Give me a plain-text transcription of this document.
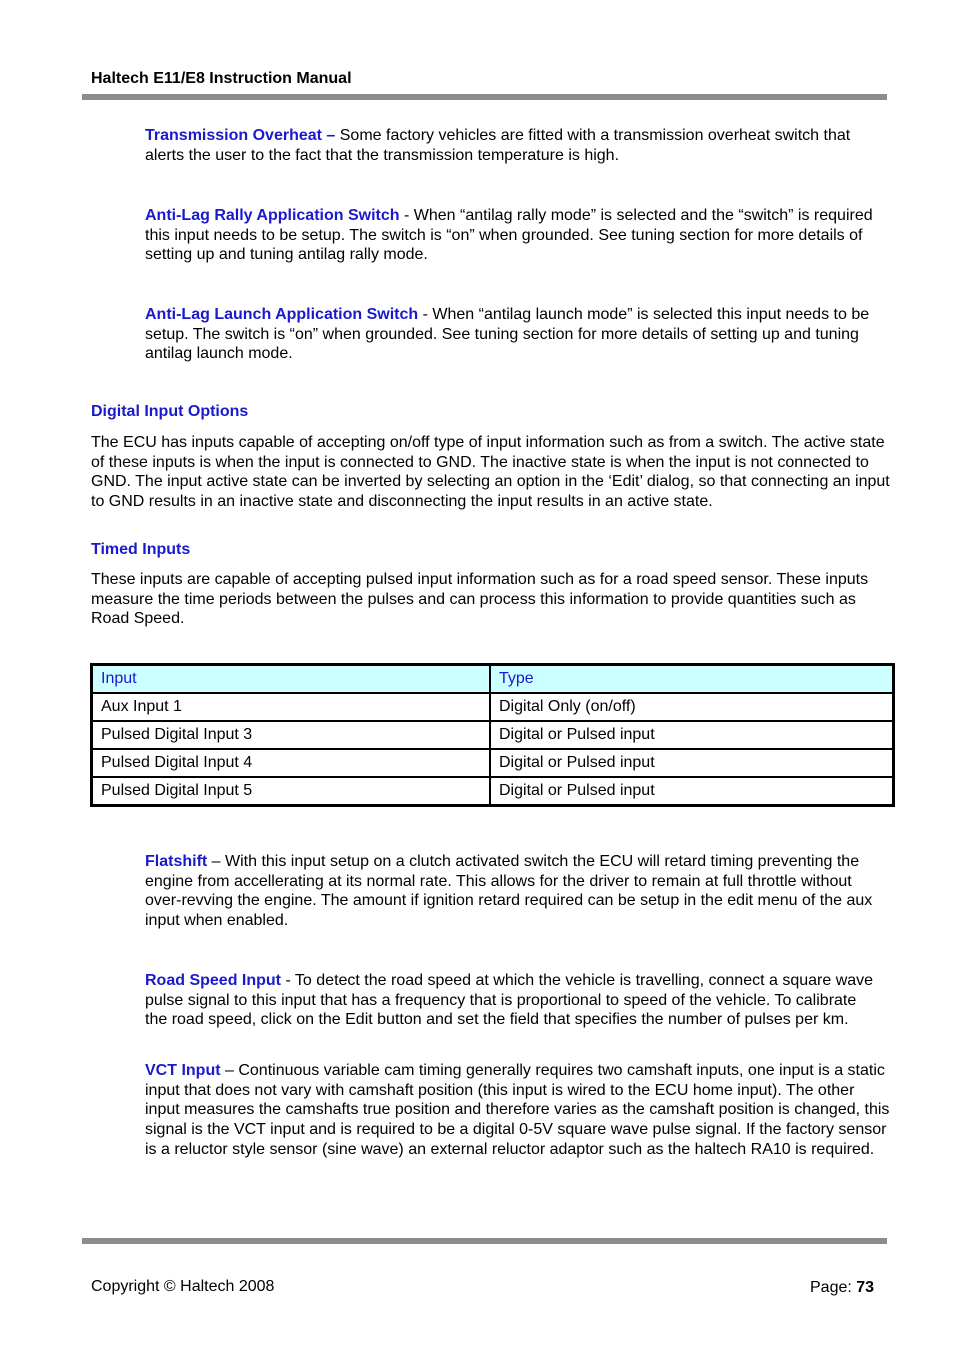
Haltech E11/E8 Instruction Manual
Transmission Overheat – Some factory vehicles are fitted with a transmission overheat switch that alerts the user to the fact that the transmission temperature is high.
Anti-Lag Rally Application Switch - When “antilag rally mode” is selected and the “switch” is required this input needs to be setup. The switch is “on” when grounded. See tuning section for more details of setting up and tuning antilag rally mode.
Anti-Lag Launch Application Switch - When “antilag launch mode” is selected this input needs to be setup. The switch is “on” when grounded. See tuning section for more details of setting up and tuning antilag launch mode.
Digital Input Options
The ECU has inputs capable of accepting on/off type of input information such as from a switch. The active state of these inputs is when the input is connected to GND. The inactive state is when the input is not connected to GND. The input active state can be inverted by selecting an option in the ‘Edit’ dialog, so that connecting an input to GND results in an inactive state and disconnecting the input results in an active state.
Timed Inputs
These inputs are capable of accepting pulsed input information such as for a road speed sensor. These inputs measure the time periods between the pulses and can process this information to provide quantities such as Road Speed.
Input	Type
Aux Input 1	Digital Only (on/off)
Pulsed Digital Input 3	Digital or Pulsed input
Pulsed Digital Input 4	Digital or Pulsed input
Pulsed Digital Input 5	Digital or Pulsed input
Flatshift – With this input setup on a clutch activated switch the ECU will retard timing preventing the engine from accellerating at its normal rate. This allows for the driver to remain at full throttle without over-revving the engine. The amount if ignition retard required can be setup in the edit menu of the aux input when enabled.
Road Speed Input - To detect the road speed at which the vehicle is travelling, connect a square wave pulse signal to this input that has a frequency that is proportional to speed of the vehicle. To calibrate the road speed, click on the Edit button and set the field that specifies the number of pulses per km.
VCT Input – Continuous variable cam timing generally requires two camshaft inputs, one input is a static input that does not vary with camshaft position (this input is wired to the ECU home input). The other input measures the camshafts true position and therefore varies as the camshaft position is changed, this signal is the VCT input and is required to be a digital 0-5V square wave pulse signal. If the factory sensor is a reluctor style sensor (sine wave) an external reluctor adaptor such as the haltech RA10 is required.
Copyright © Haltech 2008	Page: 73
